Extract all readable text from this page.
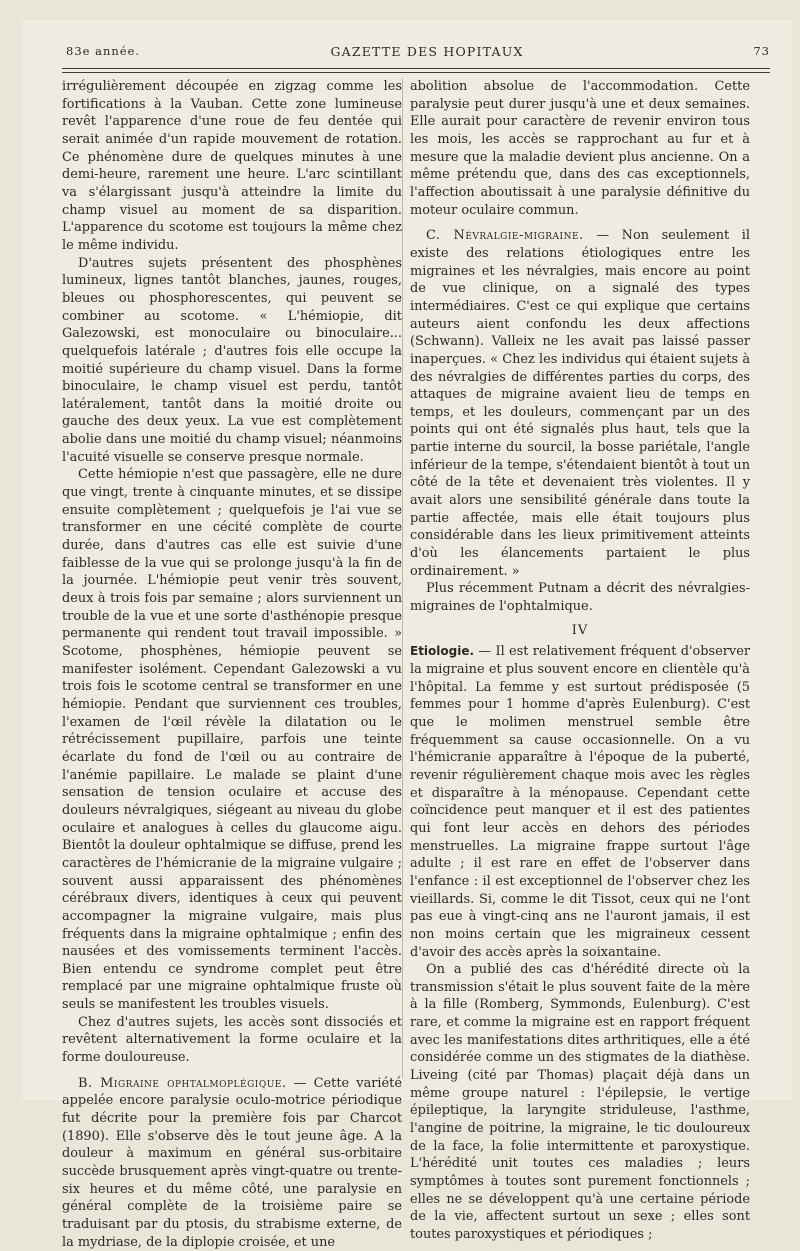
83e année.	GAZETTE DES HOPITAUX	73

irrégulièrement découpée en zigzag comme les fortifications à la Vauban. Cette zone lumineuse revêt l'apparence d'une roue de feu dentée qui serait animée d'un rapide mouvement de rotation. Ce phénomène dure de quelques minutes à une demi-heure, rarement une heure. L'arc scintillant va s'élargissant jusqu'à atteindre la limite du champ visuel au moment de sa disparition. L'apparence du scotome est toujours la même chez le même individu.

D'autres sujets présentent des phosphènes lumineux, lignes tantôt blanches, jaunes, rouges, bleues ou phosphorescentes, qui peuvent se combiner au scotome. « L'hémiopie, dit Galezowski, est monoculaire ou binoculaire... quelquefois latérale ; d'autres fois elle occupe la moitié supérieure du champ visuel. Dans la forme binoculaire, le champ visuel est perdu, tantôt latéralement, tantôt dans la moitié droite ou gauche des deux yeux. La vue est complètement abolie dans une moitié du champ visuel; néanmoins l'acuité visuelle se conserve presque normale.

Cette hémiopie n'est que passagère, elle ne dure que vingt, trente à cinquante minutes, et se dissipe ensuite complètement ; quelquefois je l'ai vue se transformer en une cécité complète de courte durée, dans d'autres cas elle est suivie d'une faiblesse de la vue qui se prolonge jusqu'à la fin de la journée. L'hémiopie peut venir très souvent, deux à trois fois par semaine ; alors surviennent un trouble de la vue et une sorte d'asthénopie presque permanente qui rendent tout travail impossible. » Scotome, phosphènes, hémiopie peuvent se manifester isolément. Cependant Galezowski a vu trois fois le scotome central se transformer en une hémiopie. Pendant que surviennent ces troubles, l'examen de l'œil révèle la dilatation ou le rétrécissement pupillaire, parfois une teinte écarlate du fond de l'œil ou au contraire de l'anémie papillaire. Le malade se plaint d'une sensation de tension oculaire et accuse des douleurs névralgiques, siégeant au niveau du globe oculaire et analogues à celles du glaucome aigu. Bientôt la douleur ophtalmique se diffuse, prend les caractères de l'hémicranie de la migraine vulgaire ; souvent aussi apparaissent des phénomènes cérébraux divers, identiques à ceux qui peuvent accompagner la migraine vulgaire, mais plus fréquents dans la migraine ophtalmique ; enfin des nausées et des vomissements terminent l'accès. Bien entendu ce syndrome complet peut être remplacé par une migraine ophtalmique fruste où seuls se manifestent les troubles visuels.

Chez d'autres sujets, les accès sont dissociés et revêtent alternativement la forme oculaire et la forme douloureuse.

B. Migraine ophtalmoplégique. — Cette variété appelée encore paralysie oculo-motrice périodique fut décrite pour la première fois par Charcot (1890). Elle s'observe dès le tout jeune âge. A la douleur à maximum en général sus-orbitaire succède brusquement après vingt-quatre ou trente-six heures et du même côté, une paralysie en général complète de la troisième paire se traduisant par du ptosis, du strabisme externe, de la mydriase, de la diplopie croisée, et une

abolition absolue de l'accommodation. Cette paralysie peut durer jusqu'à une et deux semaines. Elle aurait pour caractère de revenir environ tous les mois, les accès se rapprochant au fur et à mesure que la maladie devient plus ancienne. On a même prétendu que, dans des cas exceptionnels, l'affection aboutissait à une paralysie définitive du moteur oculaire commun.

C. Névralgie-migraine. — Non seulement il existe des relations étiologiques entre les migraines et les névralgies, mais encore au point de vue clinique, on a signalé des types intermédiaires. C'est ce qui explique que certains auteurs aient confondu les deux affections (Schwann). Valleix ne les avait pas laissé passer inaperçues. « Chez les individus qui étaient sujets à des névralgies de différentes parties du corps, des attaques de migraine avaient lieu de temps en temps, et les douleurs, commençant par un des points qui ont été signalés plus haut, tels que la partie interne du sourcil, la bosse pariétale, l'angle inférieur de la tempe, s'étendaient bientôt à tout un côté de la tête et devenaient très violentes. Il y avait alors une sensibilité générale dans toute la partie affectée, mais elle était toujours plus considérable dans les lieux primitivement atteints d'où les élancements partaient le plus ordinairement. »

Plus récemment Putnam a décrit des névralgies-migraines de l'ophtalmique.

IV

Etiologie. — Il est relativement fréquent d'observer la migraine et plus souvent encore en clientèle qu'à l'hôpital. La femme y est surtout prédisposée (5 femmes pour 1 homme d'après Eulenburg). C'est que le molimen menstruel semble être fréquemment sa cause occasionnelle. On a vu l'hémicranie apparaître à l'époque de la puberté, revenir régulièrement chaque mois avec les règles et disparaître à la ménopause. Cependant cette coïncidence peut manquer et il est des patientes qui font leur accès en dehors des périodes menstruelles. La migraine frappe surtout l'âge adulte ; il est rare en effet de l'observer dans l'enfance : il est exceptionnel de l'observer chez les vieillards. Si, comme le dit Tissot, ceux qui ne l'ont pas eue à vingt-cinq ans ne l'auront jamais, il est non moins certain que les migraineux cessent d'avoir des accès après la soixantaine.

On a publié des cas d'hérédité directe où la transmission s'était le plus souvent faite de la mère à la fille (Romberg, Symmonds, Eulenburg). C'est rare, et comme la migraine est en rapport fréquent avec les manifestations dites arthritiques, elle a été considérée comme un des stigmates de la diathèse. Liveing (cité par Thomas) plaçait déjà dans un même groupe naturel : l'épilepsie, le vertige épileptique, la laryngite striduleuse, l'asthme, l'angine de poitrine, la migraine, le tic douloureux de la face, la folie intermittente et paroxystique. L'hérédité unit toutes ces maladies ; leurs symptômes à toutes sont purement fonctionnels ; elles ne se développent qu'à une certaine période de la vie, affectent surtout un sexe ; elles sont toutes paroxystiques et périodiques ;
